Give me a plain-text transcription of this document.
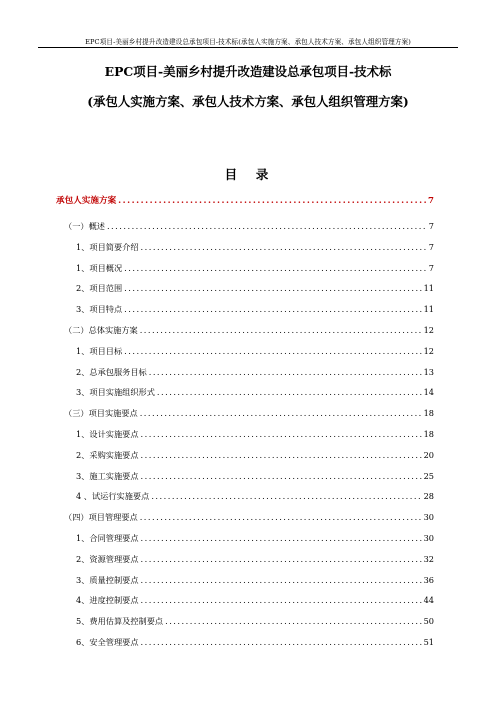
EPC项目-美丽乡村提升改造建设总承包项目-技术标(承包人实施方案、承包人技术方案、承包人组织管理方案)
EPC项目-美丽乡村提升改造建设总承包项目-技术标
(承包人实施方案、承包人技术方案、承包人组织管理方案)
目　录
承包人实施方案 .....	7
（一）概述 .....	7
1、项目简要介绍 .....	7
1、项目概况 .....	7
2、项目范围 .....	11
3、项目特点 .....	11
（二）总体实施方案 .....	12
1、项目目标 .....	12
2、总承包服务目标 .....	13
3、项目实施组织形式 .....	14
（三）项目实施要点 .....	18
1、设计实施要点 .....	18
2、采购实施要点 .....	20
3、施工实施要点 .....	25
4 、试运行实施要点 .....	28
（四）项目管理要点 .....	30
1、合同管理要点 .....	30
2、资源管理要点 .....	32
3、质量控制要点 .....	36
4、进度控制要点 .....	44
5、费用估算及控制要点 .....	50
6、安全管理要点 .....	51
